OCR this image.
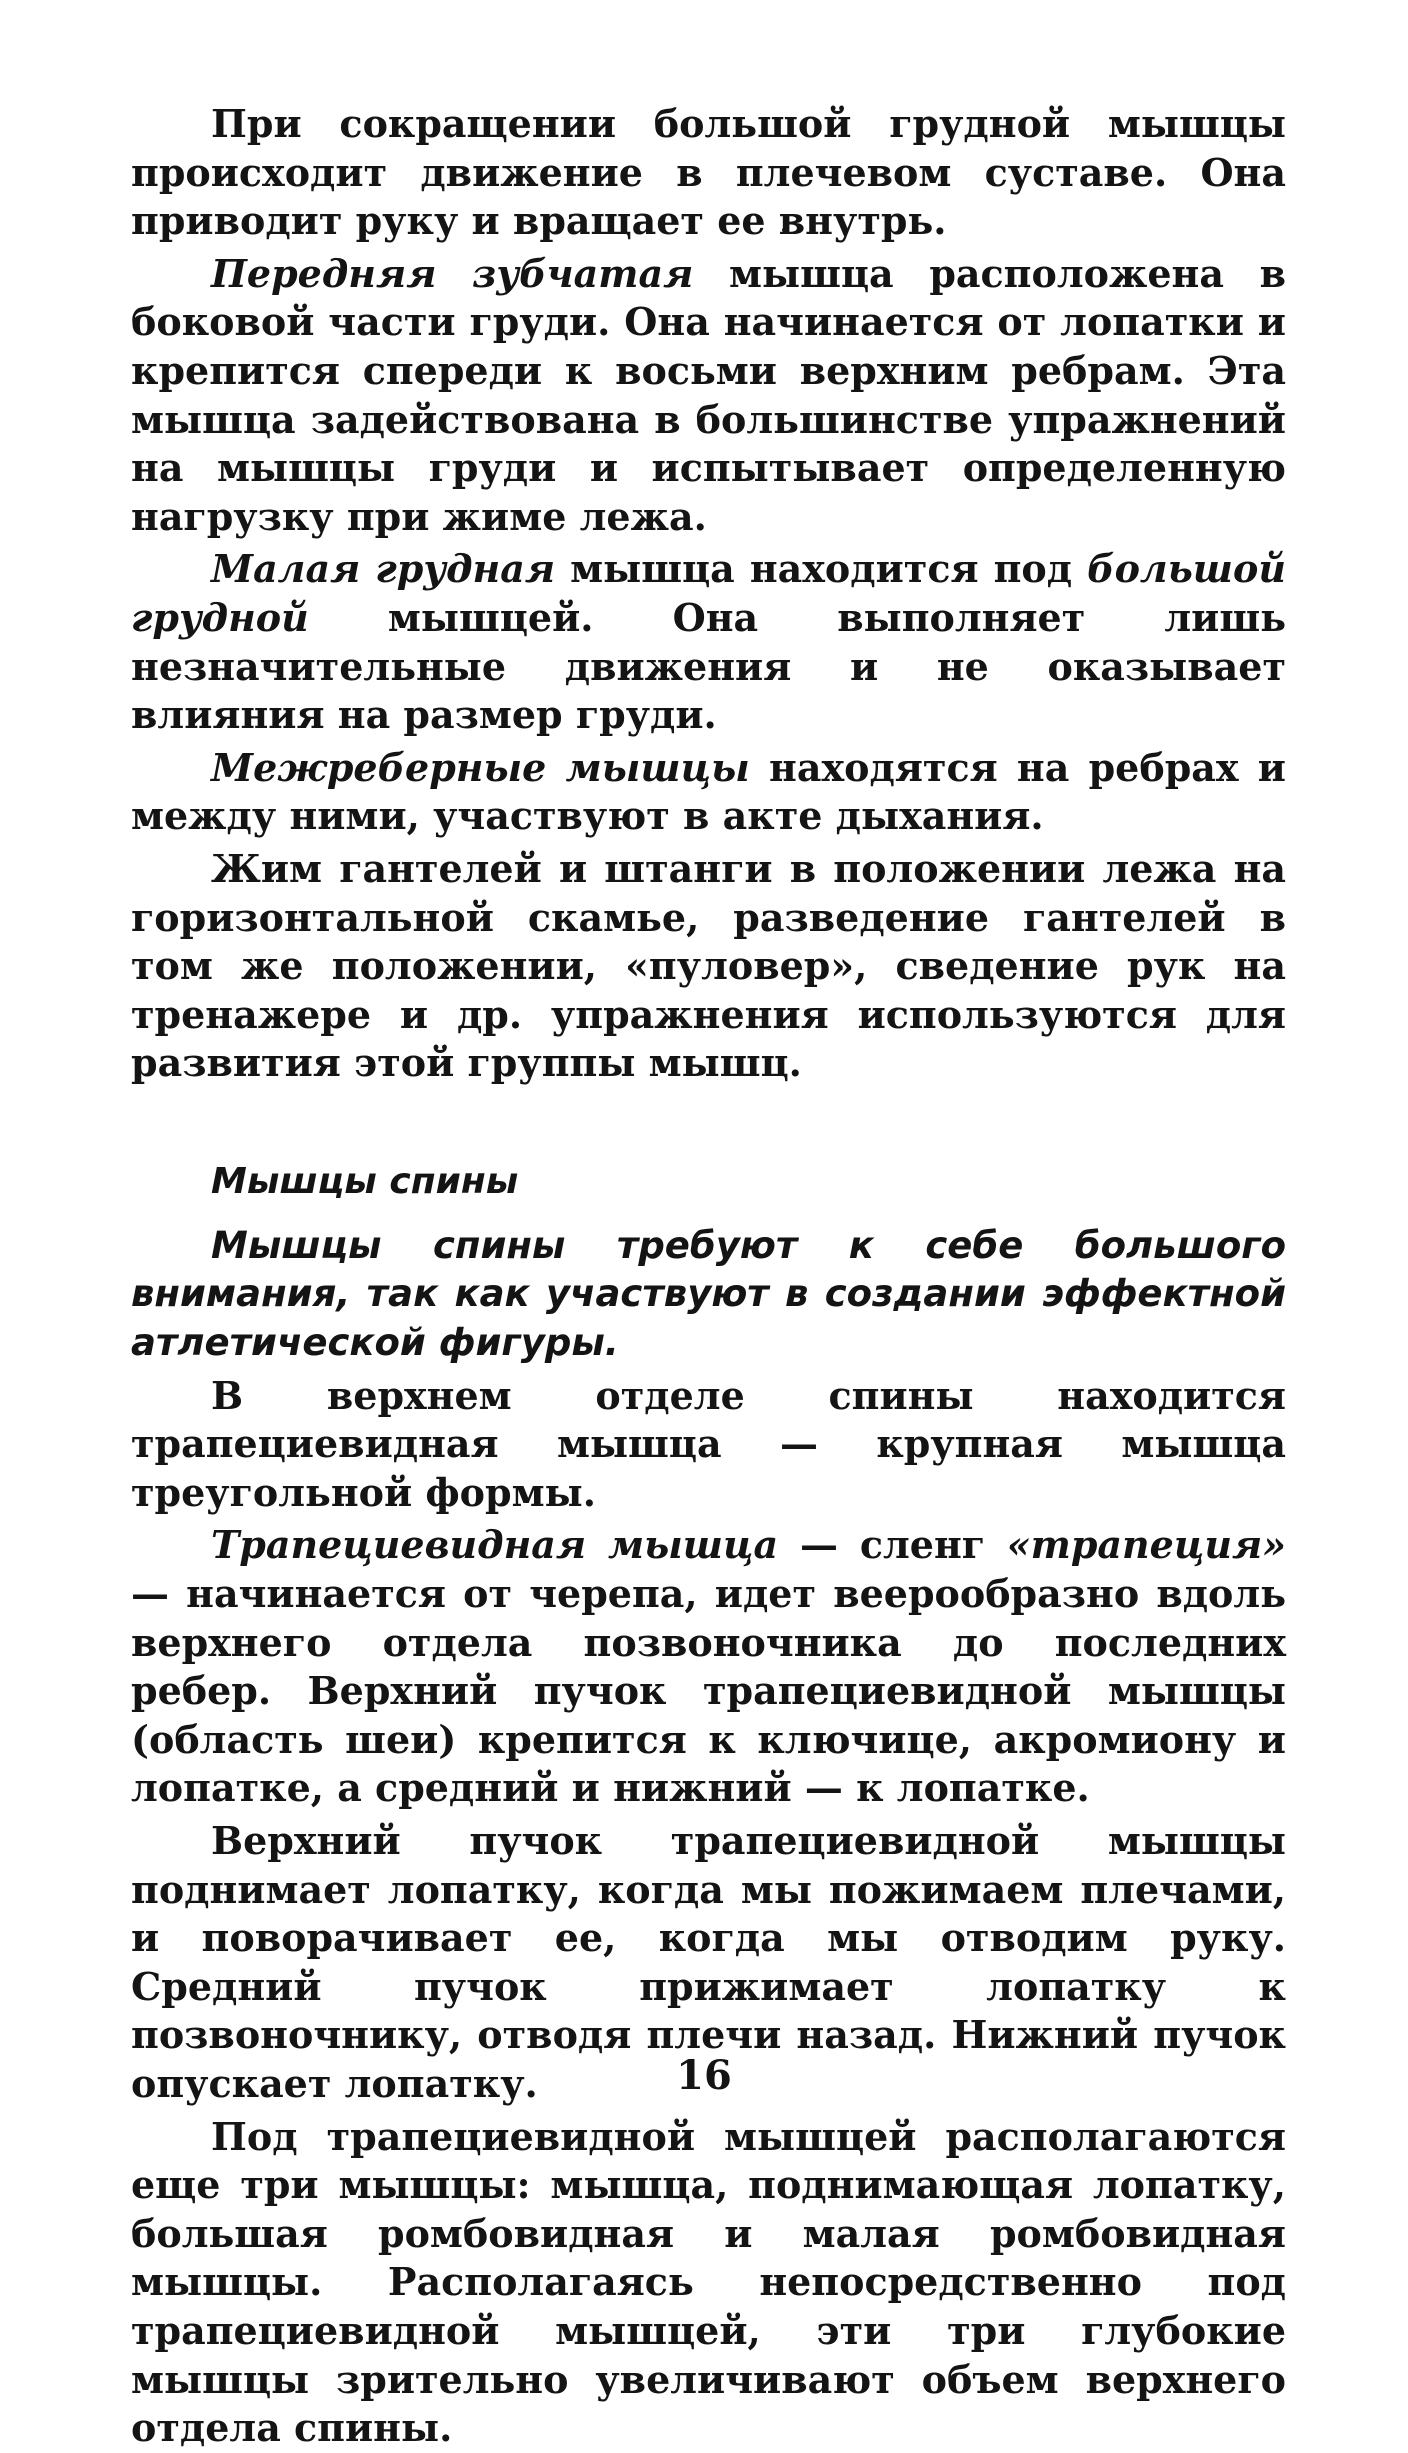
При сокращении большой грудной мышцы происходит движение в плечевом суставе. Она приводит руку и вращает ее внутрь.

Передняя зубчатая мышца расположена в боковой части груди. Она начинается от лопатки и крепится спереди к восьми верхним ребрам. Эта мышца задействована в большинстве упражнений на мышцы груди и испытывает определенную нагрузку при жиме лежа.

Малая грудная мышца находится под большой грудной мышцей. Она выполняет лишь незначительные движения и не оказывает влияния на размер груди.

Межреберные мышцы находятся на ребрах и между ними, участвуют в акте дыхания.

Жим гантелей и штанги в положении лежа на горизонтальной скамье, разведение гантелей в том же положении, «пуловер», сведение рук на тренажере и др. упражнения используются для развития этой группы мышц.

Мышцы спины

Мышцы спины требуют к себе большого внимания, так как участвуют в создании эффектной атлетической фигуры.

В верхнем отделе спины находится трапециевидная мышца — крупная мышца треугольной формы.

Трапециевидная мышца — сленг «трапеция» — начинается от черепа, идет веерообразно вдоль верхнего отдела позвоночника до последних ребер. Верхний пучок трапециевидной мышцы (область шеи) крепится к ключице, акромиону и лопатке, а средний и нижний — к лопатке.

Верхний пучок трапециевидной мышцы поднимает лопатку, когда мы пожимаем плечами, и поворачивает ее, когда мы отводим руку. Средний пучок прижимает лопатку к позвоночнику, отводя плечи назад. Нижний пучок опускает лопатку.

Под трапециевидной мышцей располагаются еще три мышцы: мышца, поднимающая лопатку, большая ромбовидная и малая ромбовидная мышцы. Располагаясь непосредственно под трапециевидной мышцей, эти три глубокие мышцы зрительно увеличивают объем верхнего отдела спины.

16
